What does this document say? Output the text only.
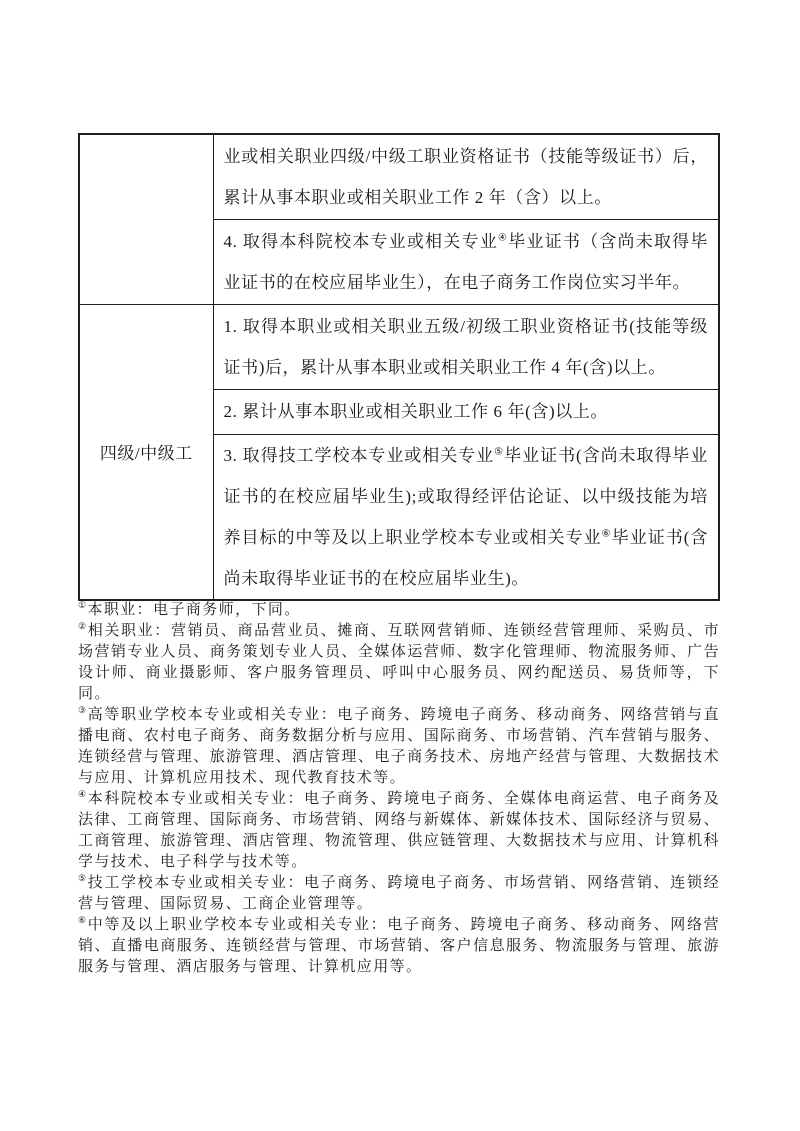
	业或相关职业四级/中级工职业资格证书（技能等级证书）后，累计从事本职业或相关职业工作 2 年（含）以上。
	4. 取得本科院校本专业或相关专业④毕业证书（含尚未取得毕业证书的在校应届毕业生），在电子商务工作岗位实习半年。
四级/中级工	1. 取得本职业或相关职业五级/初级工职业资格证书(技能等级证书)后，累计从事本职业或相关职业工作 4 年(含)以上。
	2. 累计从事本职业或相关职业工作 6 年(含)以上。
	3. 取得技工学校本专业或相关专业⑤毕业证书(含尚未取得毕业证书的在校应届毕业生);或取得经评估论证、以中级技能为培养目标的中等及以上职业学校本专业或相关专业⑥毕业证书(含尚未取得毕业证书的在校应届毕业生)。

①本职业：电子商务师，下同。

②相关职业：营销员、商品营业员、摊商、互联网营销师、连锁经营管理师、采购员、市场营销专业人员、商务策划专业人员、全媒体运营师、数字化管理师、物流服务师、广告设计师、商业摄影师、客户服务管理员、呼叫中心服务员、网约配送员、易货师等，下同。

③高等职业学校本专业或相关专业：电子商务、跨境电子商务、移动商务、网络营销与直播电商、农村电子商务、商务数据分析与应用、国际商务、市场营销、汽车营销与服务、连锁经营与管理、旅游管理、酒店管理、电子商务技术、房地产经营与管理、大数据技术与应用、计算机应用技术、现代教育技术等。

④本科院校本专业或相关专业：电子商务、跨境电子商务、全媒体电商运营、电子商务及法律、工商管理、国际商务、市场营销、网络与新媒体、新媒体技术、国际经济与贸易、工商管理、旅游管理、酒店管理、物流管理、供应链管理、大数据技术与应用、计算机科学与技术、电子科学与技术等。

⑤技工学校本专业或相关专业：电子商务、跨境电子商务、市场营销、网络营销、连锁经营与管理、国际贸易、工商企业管理等。

⑥中等及以上职业学校本专业或相关专业：电子商务、跨境电子商务、移动商务、网络营销、直播电商服务、连锁经营与管理、市场营销、客户信息服务、物流服务与管理、旅游服务与管理、酒店服务与管理、计算机应用等。
